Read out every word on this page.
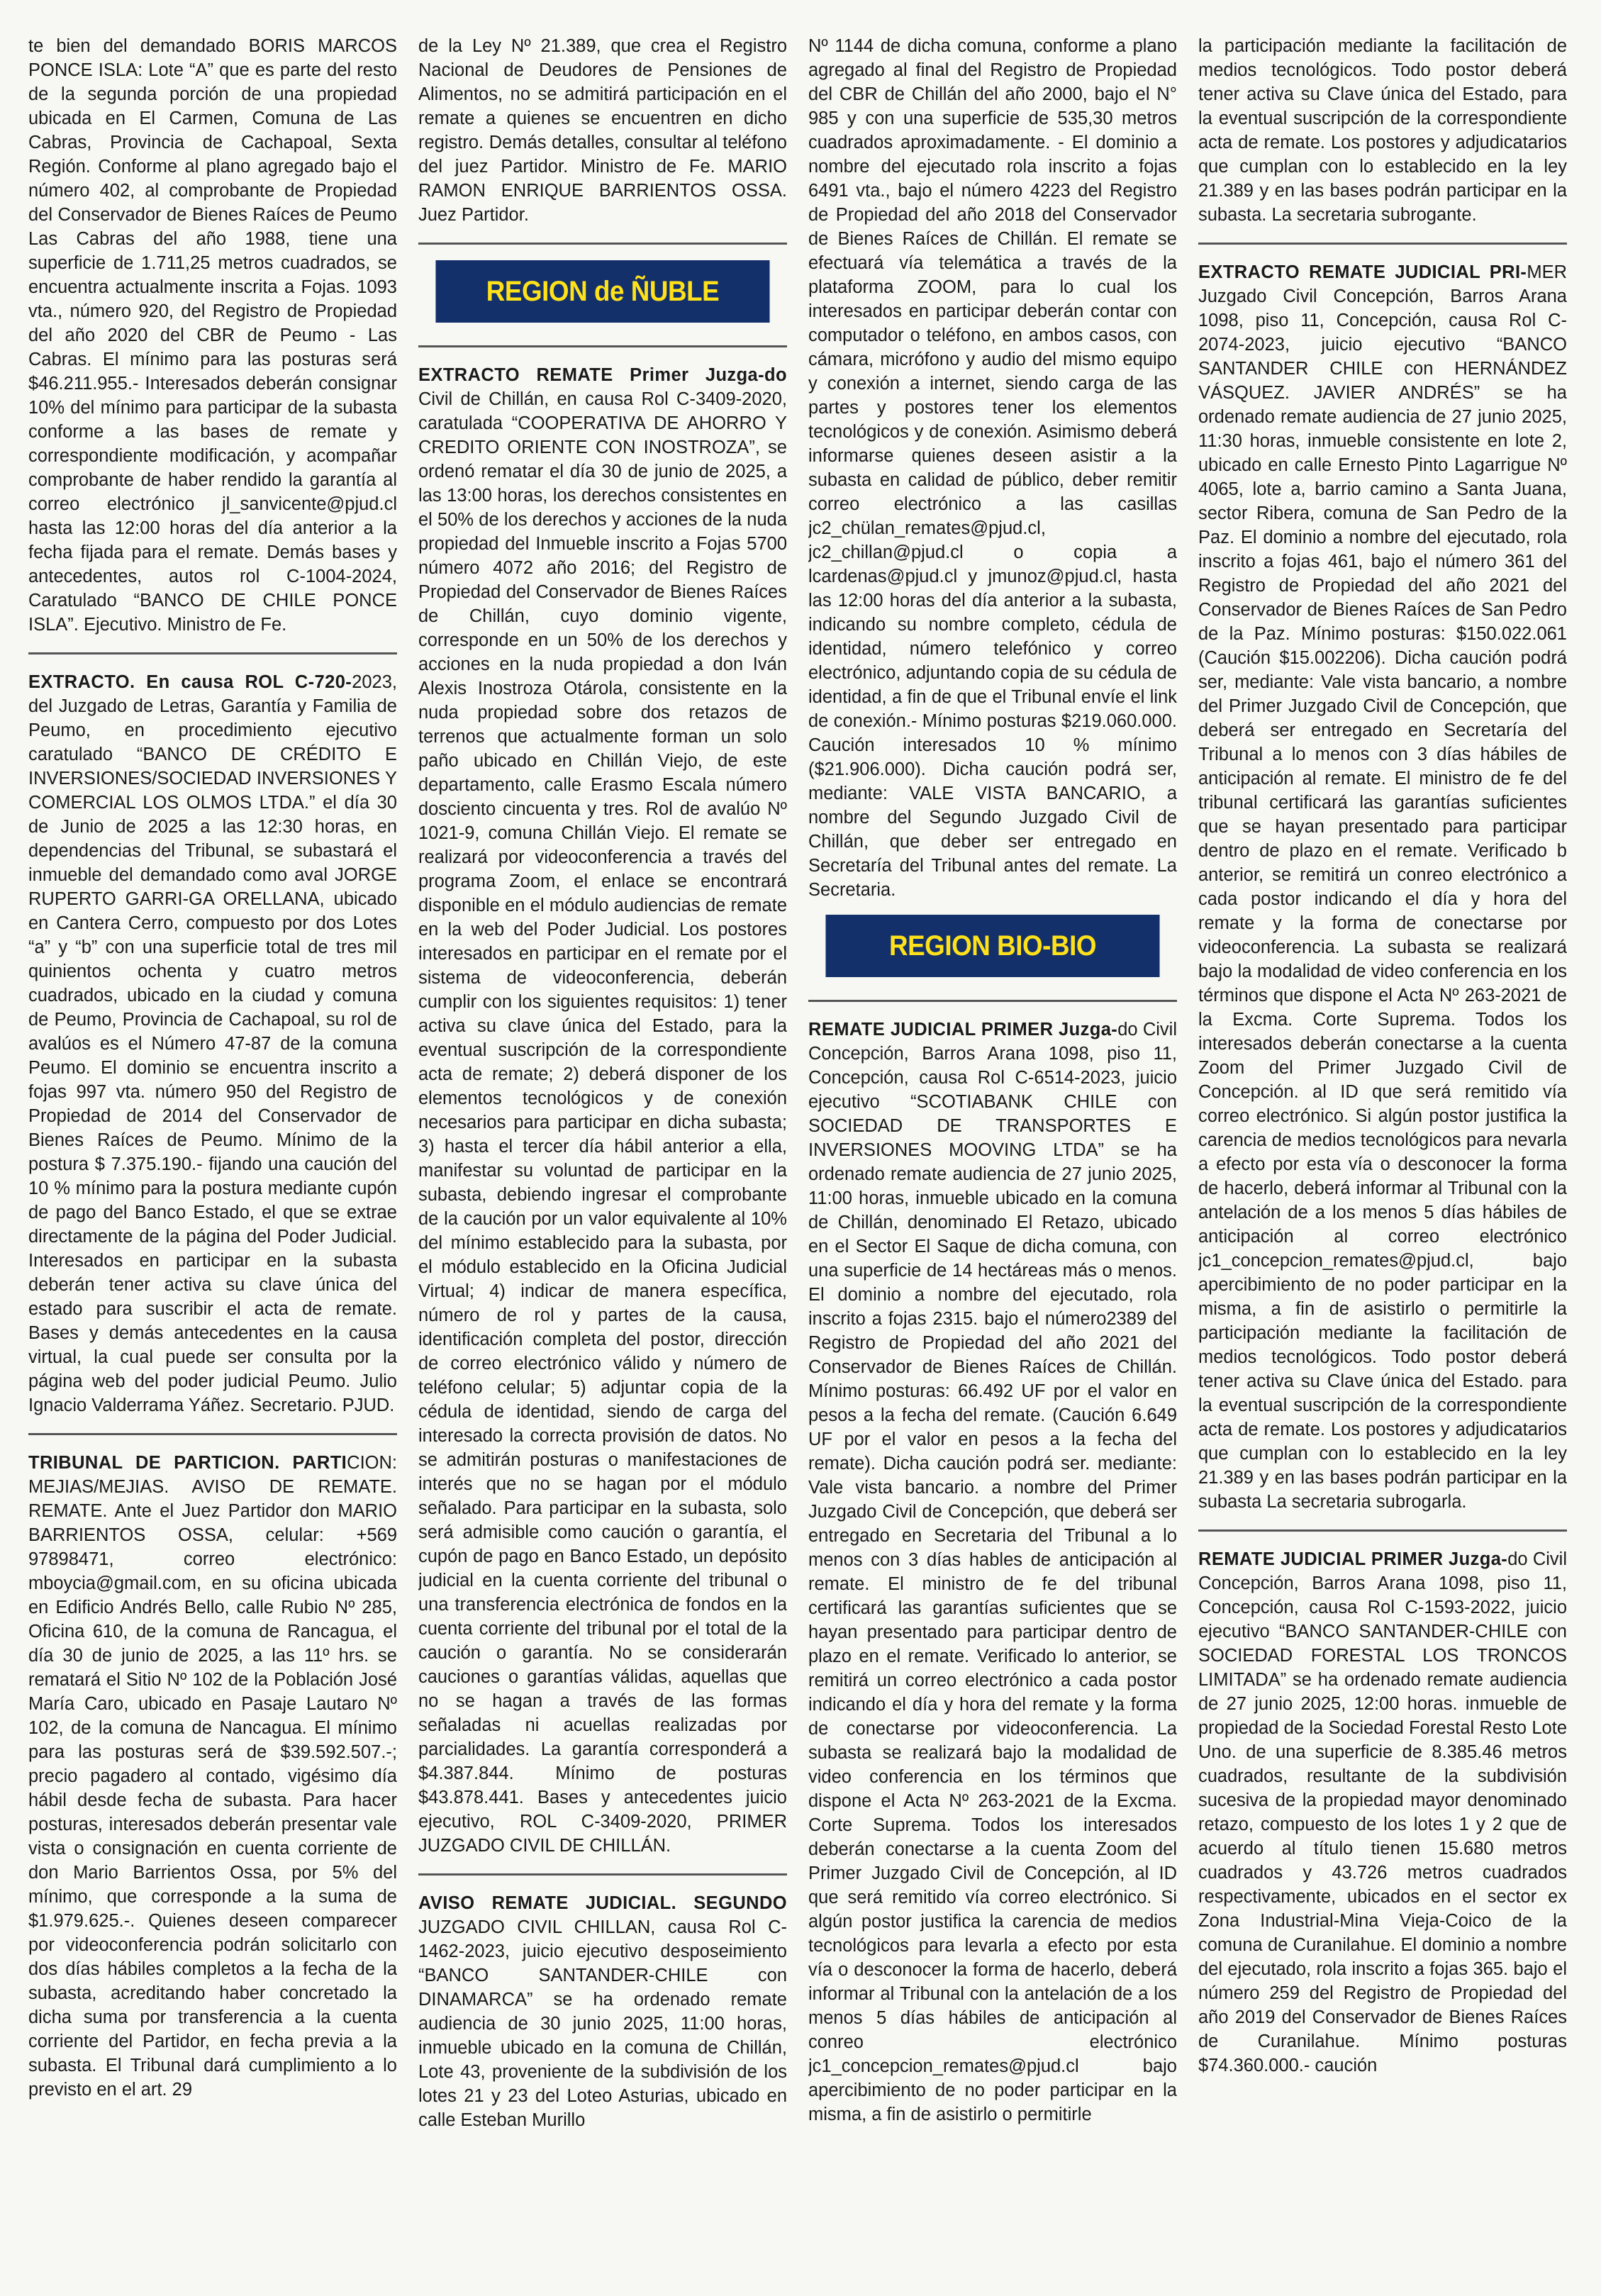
te bien del demandado BORIS MARCOS PONCE ISLA: Lote “A” que es parte del resto de la segunda porción de una propiedad ubicada en El Carmen, Comuna de Las Cabras, Provincia de Cachapoal, Sexta Región. Conforme al plano agregado bajo el número 402, al comprobante de Propiedad del Conservador de Bienes Raíces de Peumo Las Cabras del año 1988, tiene una superficie de 1.711,25 metros cuadrados, se encuentra actualmente inscrita a Fojas. 1093 vta., número 920, del Registro de Propiedad del año 2020 del CBR de Peumo - Las Cabras. El mínimo para las posturas será $46.211.955.- Interesados deberán consignar 10% del mínimo para participar de la subasta conforme a las bases de remate y correspondiente modificación, y acompañar comprobante de haber rendido la garantía al correo electrónico jl_sanvicente@pjud.cl hasta las 12:00 horas del día anterior a la fecha fijada para el remate. Demás bases y antecedentes, autos rol C-1004-2024, Caratulado “BANCO DE CHILE PONCE ISLA”. Ejecutivo. Ministro de Fe.

EXTRACTO. En causa ROL C-720-2023, del Juzgado de Letras, Garantía y Familia de Peumo, en procedimiento ejecutivo caratulado “BANCO DE CRÉDITO E INVERSIONES/SOCIEDAD INVERSIONES Y COMERCIAL LOS OLMOS LTDA.” el día 30 de Junio de 2025 a las 12:30 horas, en dependencias del Tribunal, se subastará el inmueble del demandado como aval JORGE RUPERTO GARRI-GA ORELLANA, ubicado en Cantera Cerro, compuesto por dos Lotes “a” y “b” con una superficie total de tres mil quinientos ochenta y cuatro metros cuadrados, ubicado en la ciudad y comuna de Peumo, Provincia de Cachapoal, su rol de avalúos es el Número 47-87 de la comuna Peumo. El dominio se encuentra inscrito a fojas 997 vta. número 950 del Registro de Propiedad de 2014 del Conservador de Bienes Raíces de Peumo. Mínimo de la postura $ 7.375.190.- fijando una caución del 10 % mínimo para la postura mediante cupón de pago del Banco Estado, el que se extrae directamente de la página del Poder Judicial. Interesados en participar en la subasta deberán tener activa su clave única del estado para suscribir el acta de remate. Bases y demás antecedentes en la causa virtual, la cual puede ser consulta por la página web del poder judicial Peumo. Julio Ignacio Valderrama Yáñez. Secretario. PJUD.

TRIBUNAL DE PARTICION. PARTICION: MEJIAS/MEJIAS. AVISO DE REMATE. REMATE. Ante el Juez Partidor don MARIO BARRIENTOS OSSA, celular: +569 97898471, correo electrónico: mboycia@gmail.com, en su oficina ubicada en Edificio Andrés Bello, calle Rubio Nº 285, Oficina 610, de la comuna de Rancagua, el día 30 de junio de 2025, a las 11º hrs. se rematará el Sitio Nº 102 de la Población José María Caro, ubicado en Pasaje Lautaro Nº 102, de la comuna de Nancagua. El mínimo para las posturas será de $39.592.507.-; precio pagadero al contado, vigésimo día hábil desde fecha de subasta. Para hacer posturas, interesados deberán presentar vale vista o consignación en cuenta corriente de don Mario Barrientos Ossa, por 5% del mínimo, que corresponde a la suma de $1.979.625.-. Quienes deseen comparecer por videoconferencia podrán solicitarlo con dos días hábiles completos a la fecha de la subasta, acreditando haber concretado la dicha suma por transferencia a la cuenta corriente del Partidor, en fecha previa a la subasta. El Tribunal dará cumplimiento a lo previsto en el art. 29

de la Ley Nº 21.389, que crea el Registro Nacional de Deudores de Pensiones de Alimentos, no se admitirá participación en el remate a quienes se encuentren en dicho registro. Demás detalles, consultar al teléfono del juez Partidor. Ministro de Fe. MARIO RAMON ENRIQUE BARRIENTOS OSSA. Juez Partidor.

REGION de ÑUBLE

EXTRACTO REMATE Primer Juzga-do Civil de Chillán, en causa Rol C-3409-2020, caratulada “COOPERATIVA DE AHORRO Y CREDITO ORIENTE CON INOSTROZA”, se ordenó rematar el día 30 de junio de 2025, a las 13:00 horas, los derechos consistentes en el 50% de los derechos y acciones de la nuda propiedad del Inmueble inscrito a Fojas 5700 número 4072 año 2016; del Registro de Propiedad del Conservador de Bienes Raíces de Chillán, cuyo dominio vigente, corresponde en un 50% de los derechos y acciones en la nuda propiedad a don Iván Alexis Inostroza Otárola, consistente en la nuda propiedad sobre dos retazos de terrenos que actualmente forman un solo paño ubicado en Chillán Viejo, de este departamento, calle Erasmo Escala número dosciento cincuenta y tres. Rol de avalúo Nº 1021-9, comuna Chillán Viejo. El remate se realizará por videoconferencia a través del programa Zoom, el enlace se encontrará disponible en el módulo audiencias de remate en la web del Poder Judicial. Los postores interesados en participar en el remate por el sistema de videoconferencia, deberán cumplir con los siguientes requisitos: 1) tener activa su clave única del Estado, para la eventual suscripción de la correspondiente acta de remate; 2) deberá disponer de los elementos tecnológicos y de conexión necesarios para participar en dicha subasta; 3) hasta el tercer día hábil anterior a ella, manifestar su voluntad de participar en la subasta, debiendo ingresar el comprobante de la caución por un valor equivalente al 10% del mínimo establecido para la subasta, por el módulo establecido en la Oficina Judicial Virtual; 4) indicar de manera específica, número de rol y partes de la causa, identificación completa del postor, dirección de correo electrónico válido y número de teléfono celular; 5) adjuntar copia de la cédula de identidad, siendo de carga del interesado la correcta provisión de datos. No se admitirán posturas o manifestaciones de interés que no se hagan por el módulo señalado. Para participar en la subasta, solo será admisible como caución o garantía, el cupón de pago en Banco Estado, un depósito judicial en la cuenta corriente del tribunal o una transferencia electrónica de fondos en la cuenta corriente del tribunal por el total de la caución o garantía. No se considerarán cauciones o garantías válidas, aquellas que no se hagan a través de las formas señaladas ni acuellas realizadas por parcialidades. La garantía corresponderá a $4.387.844. Mínimo de posturas $43.878.441. Bases y antecedentes juicio ejecutivo, ROL C-3409-2020, PRIMER JUZGADO CIVIL DE CHILLÁN.

AVISO REMATE JUDICIAL. SEGUNDO JUZGADO CIVIL CHILLAN, causa Rol C-1462-2023, juicio ejecutivo desposeimiento “BANCO SANTANDER-CHILE con DINAMARCA” se ha ordenado remate audiencia de 30 junio 2025, 11:00 horas, inmueble ubicado en la comuna de Chillán, Lote 43, proveniente de la subdivisión de los lotes 21 y 23 del Loteo Asturias, ubicado en calle Esteban Murillo

Nº 1144 de dicha comuna, conforme a plano agregado al final del Registro de Propiedad del CBR de Chillán del año 2000, bajo el N° 985 y con una superficie de 535,30 metros cuadrados aproximadamente. - El dominio a nombre del ejecutado rola inscrito a fojas 6491 vta., bajo el número 4223 del Registro de Propiedad del año 2018 del Conservador de Bienes Raíces de Chillán. El remate se efectuará vía telemática a través de la plataforma ZOOM, para lo cual los interesados en participar deberán contar con computador o teléfono, en ambos casos, con cámara, micrófono y audio del mismo equipo y conexión a internet, siendo carga de las partes y postores tener los elementos tecnológicos y de conexión. Asimismo deberá informarse quienes deseen asistir a la subasta en calidad de público, deber remitir correo electrónico a las casillas jc2_chülan_remates@pjud.cl, jc2_chillan@pjud.cl o copia a lcardenas@pjud.cl y jmunoz@pjud.cl, hasta las 12:00 horas del día anterior a la subasta, indicando su nombre completo, cédula de identidad, número telefónico y correo electrónico, adjuntando copia de su cédula de identidad, a fin de que el Tribunal envíe el link de conexión.- Mínimo posturas $219.060.000. Caución interesados 10 % mínimo ($21.906.000). Dicha caución podrá ser, mediante: VALE VISTA BANCARIO, a nombre del Segundo Juzgado Civil de Chillán, que deber ser entregado en Secretaría del Tribunal antes del remate. La Secretaria.

REGION BIO-BIO

REMATE JUDICIAL PRIMER Juzga-do Civil Concepción, Barros Arana 1098, piso 11, Concepción, causa Rol C-6514-2023, juicio ejecutivo “SCOTIABANK CHILE con SOCIEDAD DE TRANSPORTES E INVERSIONES MOOVING LTDA” se ha ordenado remate audiencia de 27 junio 2025, 11:00 horas, inmueble ubicado en la comuna de Chillán, denominado El Retazo, ubicado en el Sector El Saque de dicha comuna, con una superficie de 14 hectáreas más o menos. El dominio a nombre del ejecutado, rola inscrito a fojas 2315. bajo el número2389 del Registro de Propiedad del año 2021 del Conservador de Bienes Raíces de Chillán. Mínimo posturas: 66.492 UF por el valor en pesos a la fecha del remate. (Caución 6.649 UF por el valor en pesos a la fecha del remate). Dicha caución podrá ser. mediante: Vale vista bancario. a nombre del Primer Juzgado Civil de Concepción, que deberá ser entregado en Secretaria del Tribunal a lo menos con 3 días hables de anticipación al remate. El ministro de fe del tribunal certificará las garantías suficientes que se hayan presentado para participar dentro de plazo en el remate. Verificado lo anterior, se remitirá un correo electrónico a cada postor indicando el día y hora del remate y la forma de conectarse por videoconferencia. La subasta se realizará bajo la modalidad de video conferencia en los términos que dispone el Acta Nº 263-2021 de la Excma. Corte Suprema. Todos los interesados deberán conectarse a la cuenta Zoom del Primer Juzgado Civil de Concepción, al ID que será remitido vía correo electrónico. Si algún postor justifica la carencia de medios tecnológicos para levarla a efecto por esta vía o desconocer la forma de hacerlo, deberá informar al Tribunal con la antelación de a los menos 5 días hábiles de anticipación al conreo electrónico jc1_concepcion_remates@pjud.cl bajo apercibimiento de no poder participar en la misma, a fin de asistirlo o permitirle

la participación mediante la facilitación de medios tecnológicos. Todo postor deberá tener activa su Clave única del Estado, para la eventual suscripción de la correspondiente acta de remate. Los postores y adjudicatarios que cumplan con lo establecido en la ley 21.389 y en las bases podrán participar en la subasta. La secretaria subrogante.

EXTRACTO REMATE JUDICIAL PRI-MER Juzgado Civil Concepción, Barros Arana 1098, piso 11, Concepción, causa Rol C-2074-2023, juicio ejecutivo “BANCO SANTANDER CHILE con HERNÁNDEZ VÁSQUEZ. JAVIER ANDRÉS” se ha ordenado remate audiencia de 27 junio 2025, 11:30 horas, inmueble consistente en lote 2, ubicado en calle Ernesto Pinto Lagarrigue Nº 4065, lote a, barrio camino a Santa Juana, sector Ribera, comuna de San Pedro de la Paz. El dominio a nombre del ejecutado, rola inscrito a fojas 461, bajo el número 361 del Registro de Propiedad del año 2021 del Conservador de Bienes Raíces de San Pedro de la Paz. Mínimo posturas: $150.022.061 (Caución $15.002206). Dicha caución podrá ser, mediante: Vale vista bancario, a nombre del Primer Juzgado Civil de Concepción, que deberá ser entregado en Secretaría del Tribunal a lo menos con 3 días hábiles de anticipación al remate. El ministro de fe del tribunal certificará las garantías suficientes que se hayan presentado para participar dentro de plazo en el remate. Verificado b anterior, se remitirá un conreo electrónico a cada postor indicando el día y hora del remate y la forma de conectarse por videoconferencia. La subasta se realizará bajo la modalidad de video conferencia en los términos que dispone el Acta Nº 263-2021 de la Excma. Corte Suprema. Todos los interesados deberán conectarse a la cuenta Zoom del Primer Juzgado Civil de Concepción. al ID que será remitido vía correo electrónico. Si algún postor justifica la carencia de medios tecnológicos para nevarla a efecto por esta vía o desconocer la forma de hacerlo, deberá informar al Tribunal con la antelación de a los menos 5 días hábiles de anticipación al correo electrónico jc1_concepcion_remates@pjud.cl, bajo apercibimiento de no poder participar en la misma, a fin de asistirlo o permitirle la participación mediante la facilitación de medios tecnológicos. Todo postor deberá tener activa su Clave única del Estado. para la eventual suscripción de la correspondiente acta de remate. Los postores y adjudicatarios que cumplan con lo establecido en la ley 21.389 y en las bases podrán participar en la subasta La secretaria subrogarla.

REMATE JUDICIAL PRIMER Juzga-do Civil Concepción, Barros Arana 1098, piso 11, Concepción, causa Rol C-1593-2022, juicio ejecutivo “BANCO SANTANDER-CHILE con SOCIEDAD FORESTAL LOS TRONCOS LIMITADA” se ha ordenado remate audiencia de 27 junio 2025, 12:00 horas. inmueble de propiedad de la Sociedad Forestal Resto Lote Uno. de una superficie de 8.385.46 metros cuadrados, resultante de la subdivisión sucesiva de la propiedad mayor denominado retazo, compuesto de los lotes 1 y 2 que de acuerdo al título tienen 15.680 metros cuadrados y 43.726 metros cuadrados respectivamente, ubicados en el sector ex Zona Industrial-Mina Vieja-Coico de la comuna de Curanilahue. El dominio a nombre del ejecutado, rola inscrito a fojas 365. bajo el número 259 del Registro de Propiedad del año 2019 del Conservador de Bienes Raíces de Curanilahue. Mínimo posturas $74.360.000.- caución
